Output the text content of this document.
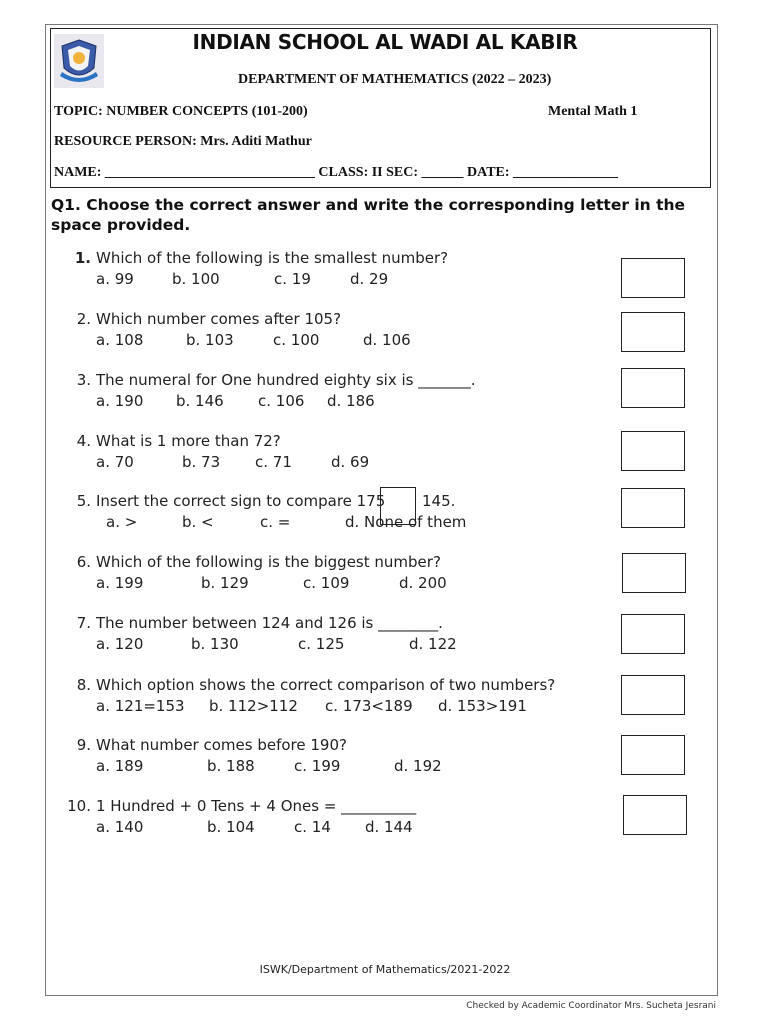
INDIAN SCHOOL AL WADI AL KABIR
DEPARTMENT OF MATHEMATICS (2022 – 2023)
TOPIC: NUMBER CONCEPTS (101-200)	Mental Math 1
RESOURCE PERSON: Mrs. Aditi Mathur
NAME: ______________________________ CLASS: II SEC: ______ DATE: _______________
Q1. Choose the correct answer and write the corresponding letter in the space provided.
1. Which of the following is the smallest number?
a. 99	b. 100	c. 19	d. 29
2. Which number comes after 105?
a. 108	b. 103	c. 100	d. 106
3. The numeral for One hundred eighty six is _______.
a. 190 b. 146 c. 106 d. 186
4. What is 1 more than 72?
a. 70	b. 73 c. 71	d. 69
5. Insert the correct sign to compare 175 145.
a. >	b. <	c. =	d. None of them
6. Which of the following is the biggest number?
a. 199	b. 129	c. 109	d. 200
7. The number between 124 and 126 is ________.
a. 120	b. 130	c. 125	d. 122
8. Which option shows the correct comparison of two numbers?
a. 121=153 b. 112>112 c. 173<189 d. 153>191
9. What number comes before 190?
a. 189	b. 188	c. 199	d. 192
10. 1 Hundred + 0 Tens + 4 Ones = __________
a. 140	b. 104	c. 14 d. 144
ISWK/Department of Mathematics/2021-2022
Checked by Academic Coordinator Mrs. Sucheta Jesrani
